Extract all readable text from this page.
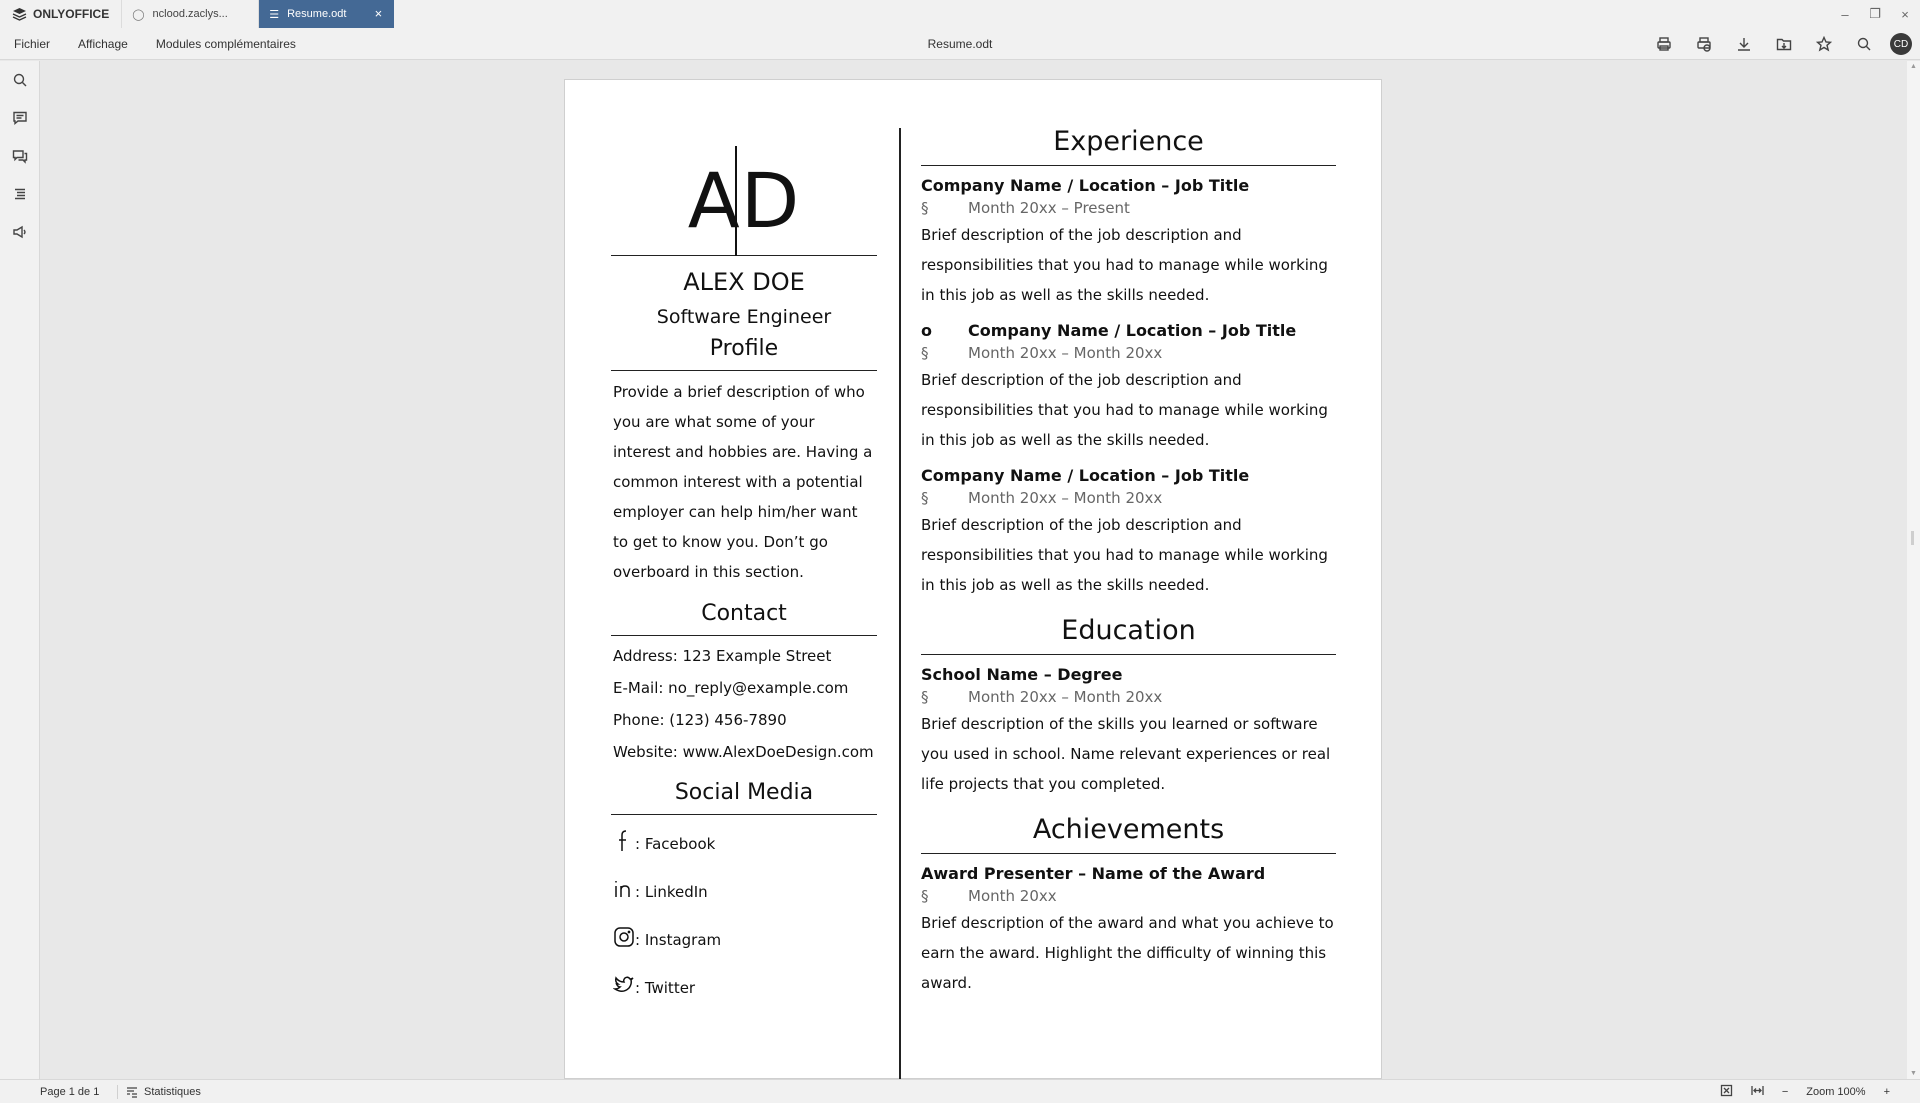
ONLYOFFICE ◯ nclood.zaclys...	☰ Resume.odt ×	–	❐	×
Fichier	Affichage	Modules complémentaires	Resume.odt	CD
AD
ALEX DOE
Software Engineer
Profile
Provide a brief description of who you are what some of your interest and hobbies are. Having a common interest with a potential employer can help him/her want to get to know you. Don’t go overboard in this section.
Contact
Address: 123 Example Street
E-Mail: no_reply@example.com
Phone: (123) 456-7890
Website: www.AlexDoeDesign.com
Social Media
: Facebook
: LinkedIn
: Instagram
: Twitter
Experience
Company Name / Location – Job Title
§	Month 20xx – Present
Brief description of the job description and responsibilities that you had to manage while working in this job as well as the skills needed.
o	Company Name / Location – Job Title
§	Month 20xx – Month 20xx
Brief description of the job description and responsibilities that you had to manage while working in this job as well as the skills needed.
Company Name / Location – Job Title
§	Month 20xx – Month 20xx
Brief description of the job description and responsibilities that you had to manage while working in this job as well as the skills needed.
Education
School Name – Degree
§	Month 20xx – Month 20xx
Brief description of the skills you learned or software you used in school. Name relevant experiences or real life projects that you completed.
Achievements
Award Presenter – Name of the Award
§	Month 20xx
Brief description of the award and what you achieve to earn the award. Highlight the difficulty of winning this award.
▲
▼
Page 1 de 1	Statistiques	− Zoom 100% +
